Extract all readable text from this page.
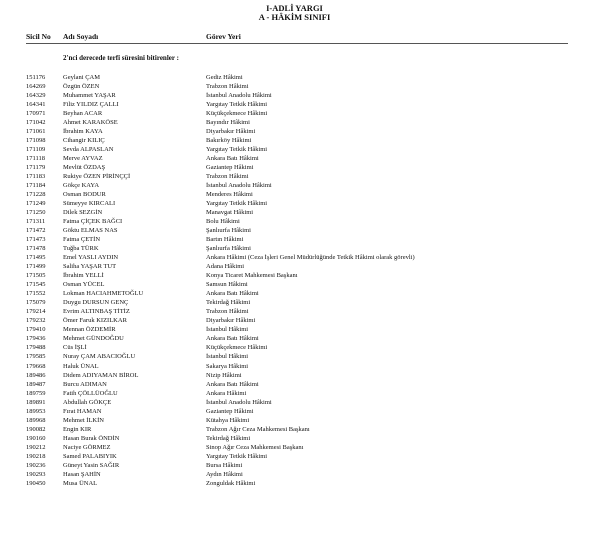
I-ADLİ YARGI
A - HÂKİM SINIFI
Sicil No Adı Soyadı	Görev Yeri
2'nci derecede terfi süresini bitirenler :
151176	Geylani ÇAM	Gediz Hâkimi
164269	Özgün ÖZEN	Trabzon Hâkimi
164329	Muhammet YAŞAR	İstanbul Anadolu Hâkimi
164341	Filiz YILDIZ ÇALLI	Yargıtay Tetkik Hâkimi
170971	Beyhan ACAR	Küçükçekmece Hâkimi
171042	Ahmet KARAKÖSE	Bayındır Hâkimi
171061	İbrahim KAYA	Diyarbakır Hâkimi
171098	Cihangir KILIÇ	Bakırköy Hâkimi
171109	Sevda ALPASLAN	Yargıtay Tetkik Hâkimi
171118	Merve AYVAZ	Ankara Batı Hâkimi
171179	Mevlüt ÖZDAŞ	Gaziantep Hâkimi
171183	Rukiye ÖZEN PİRİNÇÇİ	Trabzon Hâkimi
171184	Gökçe KAYA	İstanbul Anadolu Hâkimi
171228	Osman BODUR	Menderes Hâkimi
171249	Sümeyye KIRCALI	Yargıtay Tetkik Hâkimi
171250	Dilek SEZGİN	Manavgat Hâkimi
171311	Fatma ÇİÇEK BAĞCI	Bolu Hâkimi
171472	Göktu ELMAS NAS	Şanlıurfa Hâkimi
171473	Fatma ÇETİN	Bartın Hâkimi
171478	Tuğba TÜRK	Şanlıurfa Hâkimi
171495	Emel YASLI AYDIN	Ankara Hâkimi (Ceza İşleri Genel Müdürlüğünde Tetkik Hâkimi olarak görevli)
171499	Saliha YAŞAR TUT	Adana Hâkimi
171505	İbrahim YELLİ	Konya Ticaret Mahkemesi Başkanı
171545	Osman YÜCEL	Samsun Hâkimi
171552	Lokman HACIAHMETOĞLU	Ankara Batı Hâkimi
175079	Duygu DURSUN GENÇ	Tekirdağ Hâkimi
179214	Evrim ALTINBAŞ TİTİZ	Trabzon Hâkimi
179232	Ömer Faruk KIZILKAR	Diyarbakır Hâkimi
179410	Mennan ÖZDEMİR	İstanbul Hâkimi
179436	Mehmet GÜNDOĞDU	Ankara Batı Hâkimi
179488	Cüs İŞLİ	Küçükçekmece Hâkimi
179585	Nuray ÇAM ABACIOĞLU	İstanbul Hâkimi
179668	Haluk ÜNAL	Sakarya Hâkimi
189486	Didem ADIYAMAN BİROL	Nizip Hâkimi
189487	Burcu ADIMAN	Ankara Batı Hâkimi
189759	Fatih ÇÖLLÜOĞLU	Ankara Hâkimi
189891	Abdullah GÖKÇE	İstanbul Anadolu Hâkimi
189953	Fırat HAMAN	Gaziantep Hâkimi
189968	Mehmet İLKİN	Kütahya Hâkimi
190082	Engin KIR	Trabzon Ağır Ceza Mahkemesi Başkanı
190160	Hasan Burak ÖNDİN	Tekirdağ Hâkimi
190212	Naciye GÖRMEZ	Sinop Ağır Ceza Mahkemesi Başkanı
190218	Samed PALABIYIK	Yargıtay Tetkik Hâkimi
190236	Güneyt Yasin SAĞIR	Bursa Hâkimi
190293	Hasan ŞAHİN	Aydın Hâkimi
190450	Musa ÜNAL	Zonguldak Hâkimi
